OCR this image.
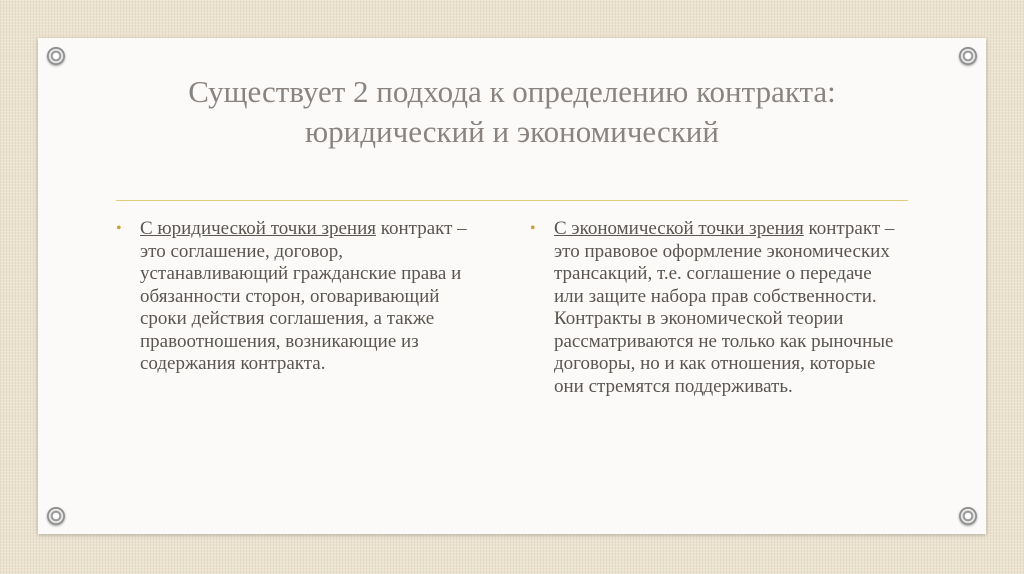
Существует 2 подхода к определению контракта:
юридический и экономический
• С юридической точки зрения контракт – это соглашение, договор, устанавливающий гражданские права и обязанности сторон, оговаривающий сроки действия соглашения, а также правоотношения, возникающие из содержания контракта.
• С экономической точки зрения контракт – это правовое оформление экономических трансакций, т.е. соглашение о передаче или защите набора прав собственности. Контракты в экономической теории рассматриваются не только как рыночные договоры, но и как отношения, которые они стремятся поддерживать.
